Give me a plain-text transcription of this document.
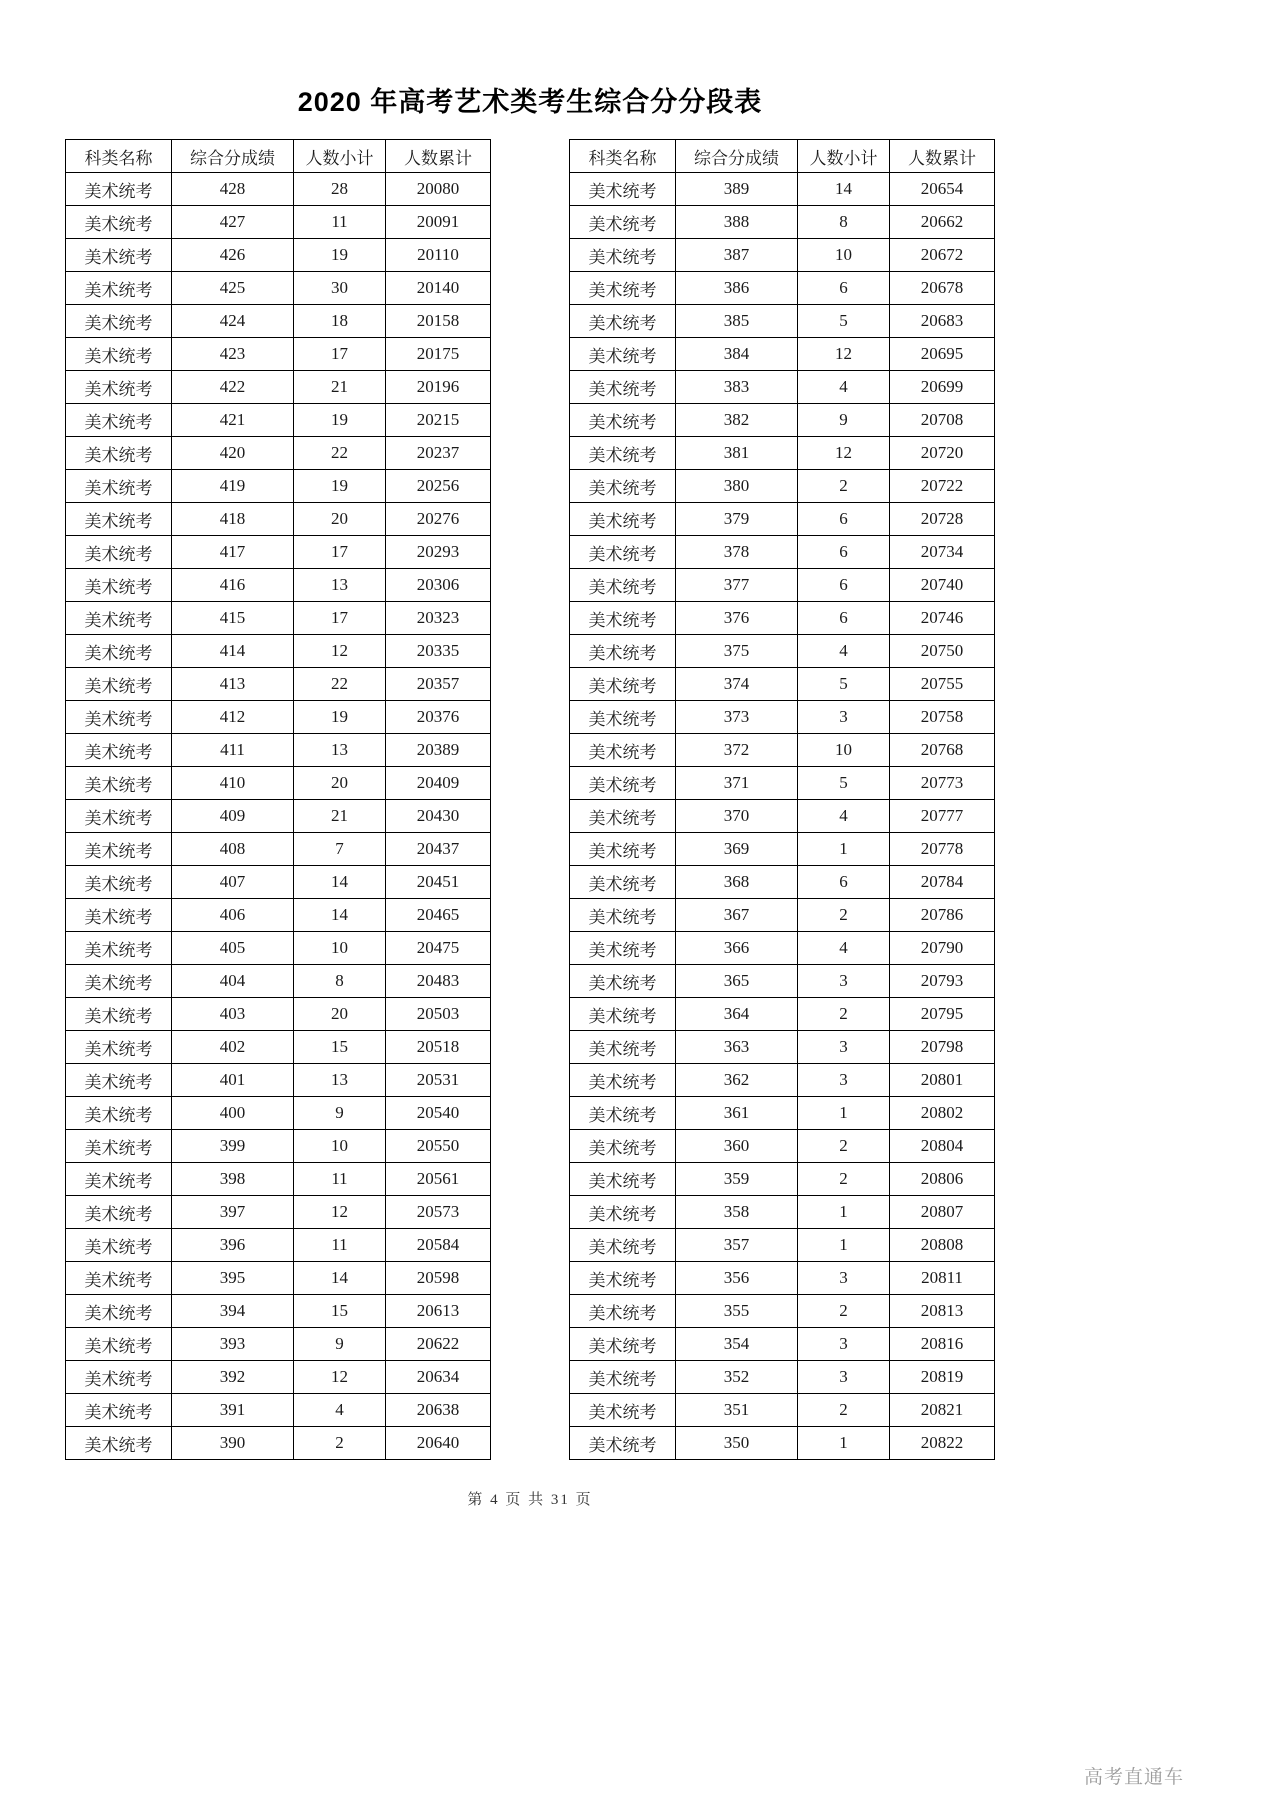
2020 年高考艺术类考生综合分分段表
科类名称	综合分成绩	人数小计	人数累计
美术统考	428	28	20080
美术统考	427	11	20091
美术统考	426	19	20110
美术统考	425	30	20140
美术统考	424	18	20158
美术统考	423	17	20175
美术统考	422	21	20196
美术统考	421	19	20215
美术统考	420	22	20237
美术统考	419	19	20256
美术统考	418	20	20276
美术统考	417	17	20293
美术统考	416	13	20306
美术统考	415	17	20323
美术统考	414	12	20335
美术统考	413	22	20357
美术统考	412	19	20376
美术统考	411	13	20389
美术统考	410	20	20409
美术统考	409	21	20430
美术统考	408	7	20437
美术统考	407	14	20451
美术统考	406	14	20465
美术统考	405	10	20475
美术统考	404	8	20483
美术统考	403	20	20503
美术统考	402	15	20518
美术统考	401	13	20531
美术统考	400	9	20540
美术统考	399	10	20550
美术统考	398	11	20561
美术统考	397	12	20573
美术统考	396	11	20584
美术统考	395	14	20598
美术统考	394	15	20613
美术统考	393	9	20622
美术统考	392	12	20634
美术统考	391	4	20638
美术统考	390	2	20640
科类名称	综合分成绩	人数小计	人数累计
美术统考	389	14	20654
美术统考	388	8	20662
美术统考	387	10	20672
美术统考	386	6	20678
美术统考	385	5	20683
美术统考	384	12	20695
美术统考	383	4	20699
美术统考	382	9	20708
美术统考	381	12	20720
美术统考	380	2	20722
美术统考	379	6	20728
美术统考	378	6	20734
美术统考	377	6	20740
美术统考	376	6	20746
美术统考	375	4	20750
美术统考	374	5	20755
美术统考	373	3	20758
美术统考	372	10	20768
美术统考	371	5	20773
美术统考	370	4	20777
美术统考	369	1	20778
美术统考	368	6	20784
美术统考	367	2	20786
美术统考	366	4	20790
美术统考	365	3	20793
美术统考	364	2	20795
美术统考	363	3	20798
美术统考	362	3	20801
美术统考	361	1	20802
美术统考	360	2	20804
美术统考	359	2	20806
美术统考	358	1	20807
美术统考	357	1	20808
美术统考	356	3	20811
美术统考	355	2	20813
美术统考	354	3	20816
美术统考	352	3	20819
美术统考	351	2	20821
美术统考	350	1	20822
第 4 页 共 31 页
高考直通车
